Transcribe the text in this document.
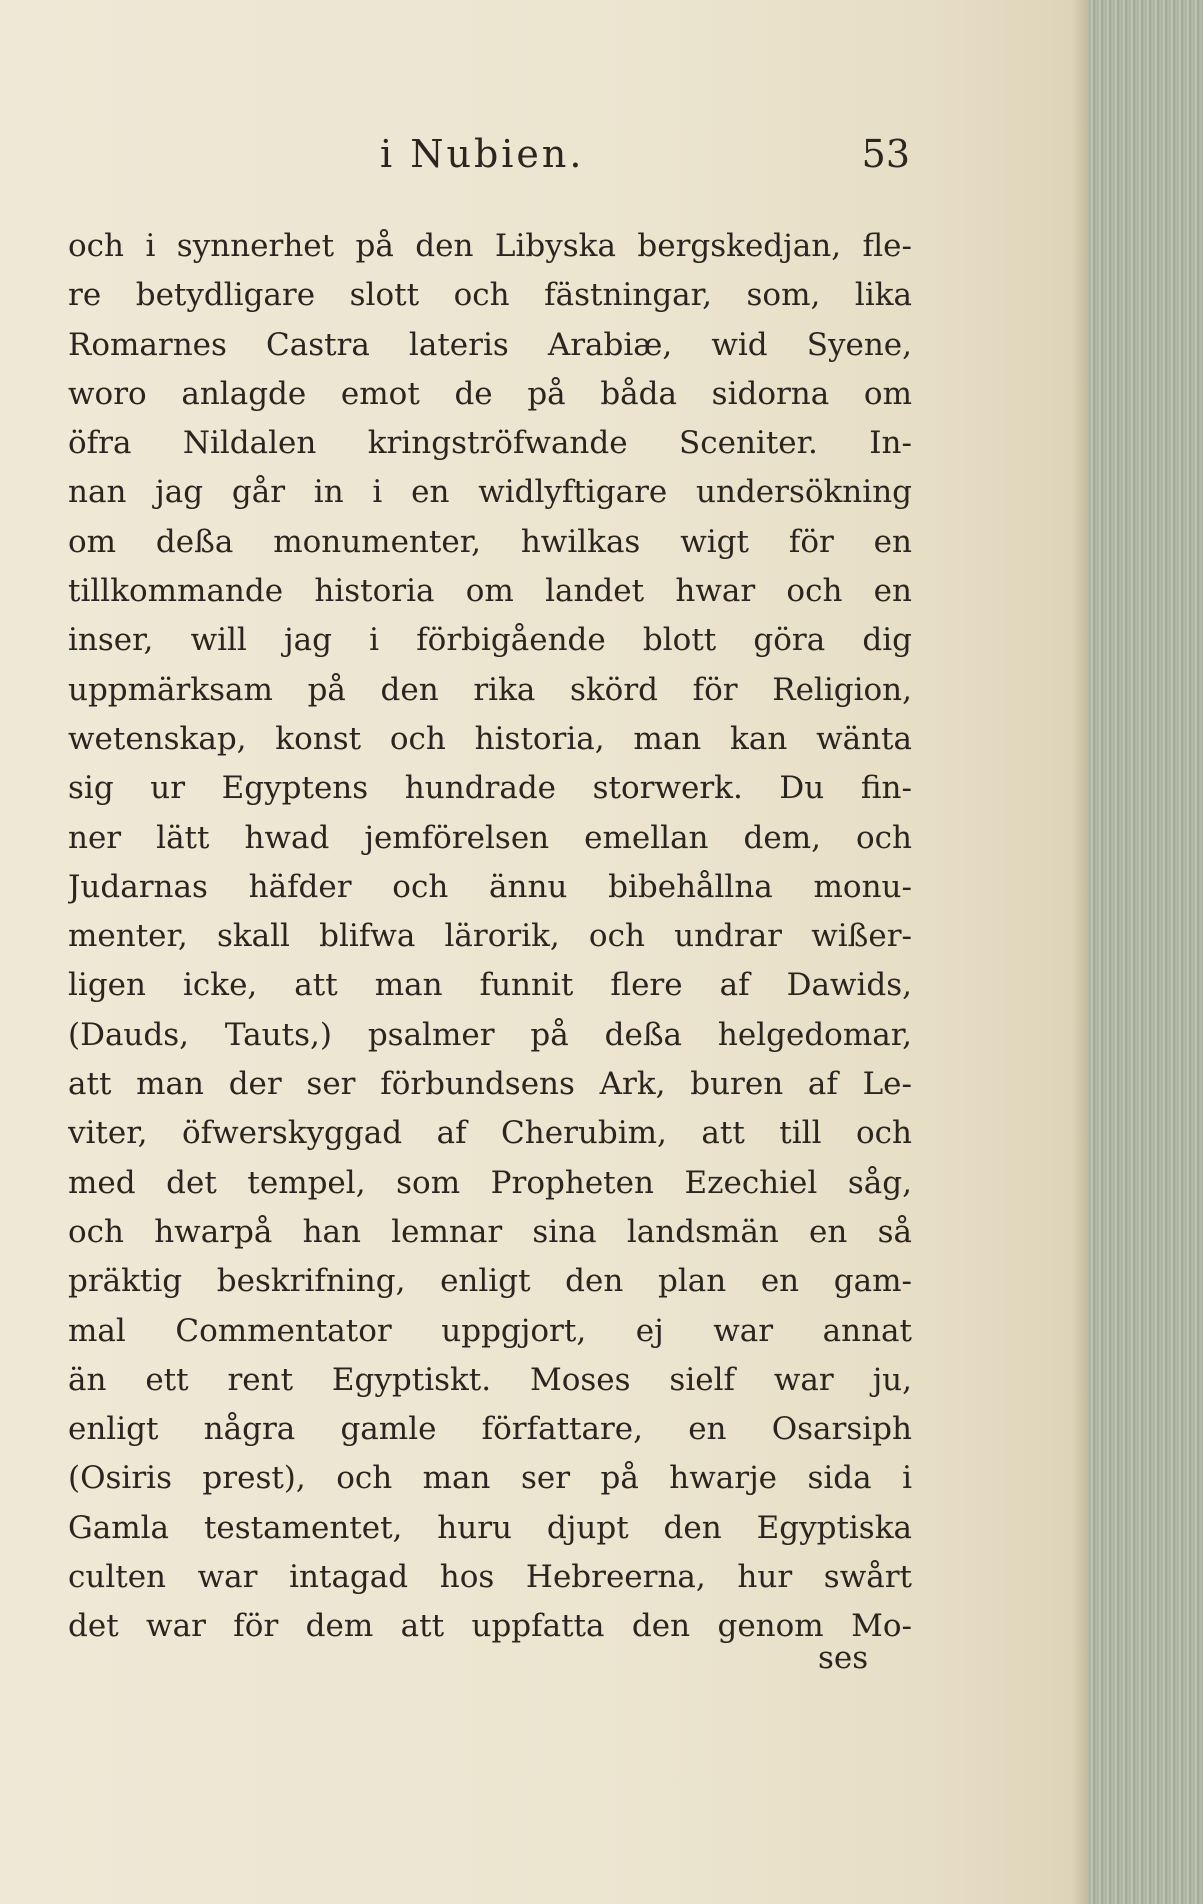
i Nubien.	53
och i synnerhet på den Libyska bergskedjan, fle-
re betydligare slott och fästningar, som, lika
Romarnes Castra lateris Arabiæ, wid Syene,
woro anlagde emot de på båda sidorna om
öfra Nildalen kringströfwande Sceniter. In-
nan jag går in i en widlyftigare undersökning
om deßa monumenter, hwilkas wigt för en
tillkommande historia om landet hwar och en
inser, will jag i förbigående blott göra dig
uppmärksam på den rika skörd för Religion,
wetenskap, konst och historia, man kan wänta
sig ur Egyptens hundrade storwerk. Du fin-
ner lätt hwad jemförelsen emellan dem, och
Judarnas häfder och ännu bibehållna monu-
menter, skall blifwa lärorik, och undrar wißer-
ligen icke, att man funnit flere af Dawids,
(Dauds, Tauts,) psalmer på deßa helgedomar,
att man der ser förbundsens Ark, buren af Le-
viter, öfwerskyggad af Cherubim, att till och
med det tempel, som Propheten Ezechiel såg,
och hwarpå han lemnar sina landsmän en så
präktig beskrifning, enligt den plan en gam-
mal Commentator uppgjort, ej war annat
än ett rent Egyptiskt. Moses sielf war ju,
enligt några gamle författare, en Osarsiph
(Osiris prest), och man ser på hwarje sida i
Gamla testamentet, huru djupt den Egyptiska
culten war intagad hos Hebreerna, hur swårt
det war för dem att uppfatta den genom Mo-
ses
